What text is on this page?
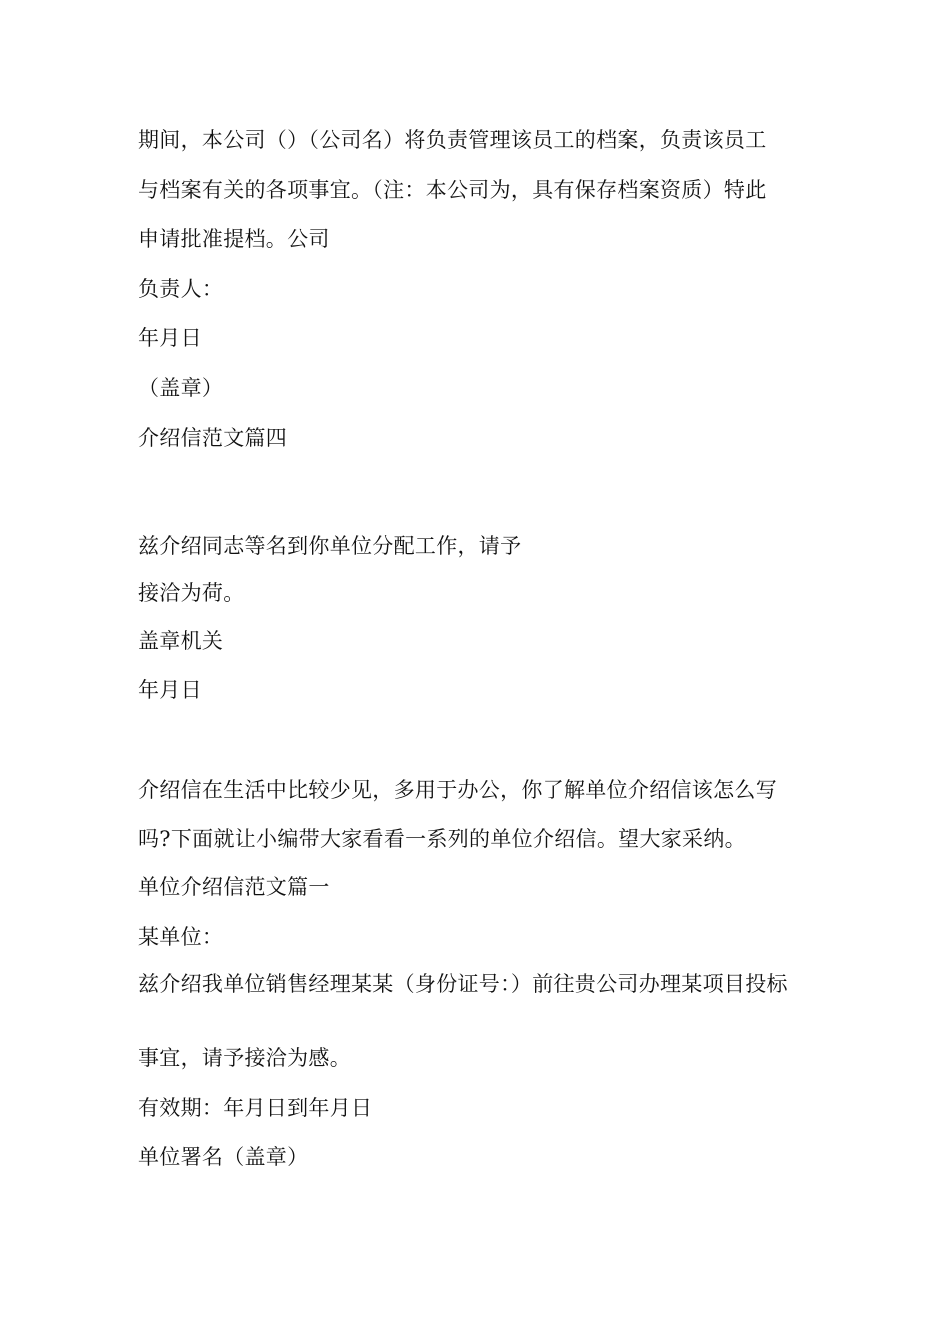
期间，本公司（）（公司名）将负责管理该员工的档案，负责该员工

与档案有关的各项事宜。（注：本公司为，具有保存档案资质）特此

申请批准提档。公司

负责人：

年月日

（盖章）

介绍信范文篇四

兹介绍同志等名到你单位分配工作，请予

接洽为荷。

盖章机关

年月日

介绍信在生活中比较少见，多用于办公，你了解单位介绍信该怎么写

吗?下面就让小编带大家看看一系列的单位介绍信。望大家采纳。

单位介绍信范文篇一

某单位：

兹介绍我单位销售经理某某（身份证号：）前往贵公司办理某项目投标

事宜，请予接洽为感。

有效期：年月日到年月日

单位署名（盖章）
